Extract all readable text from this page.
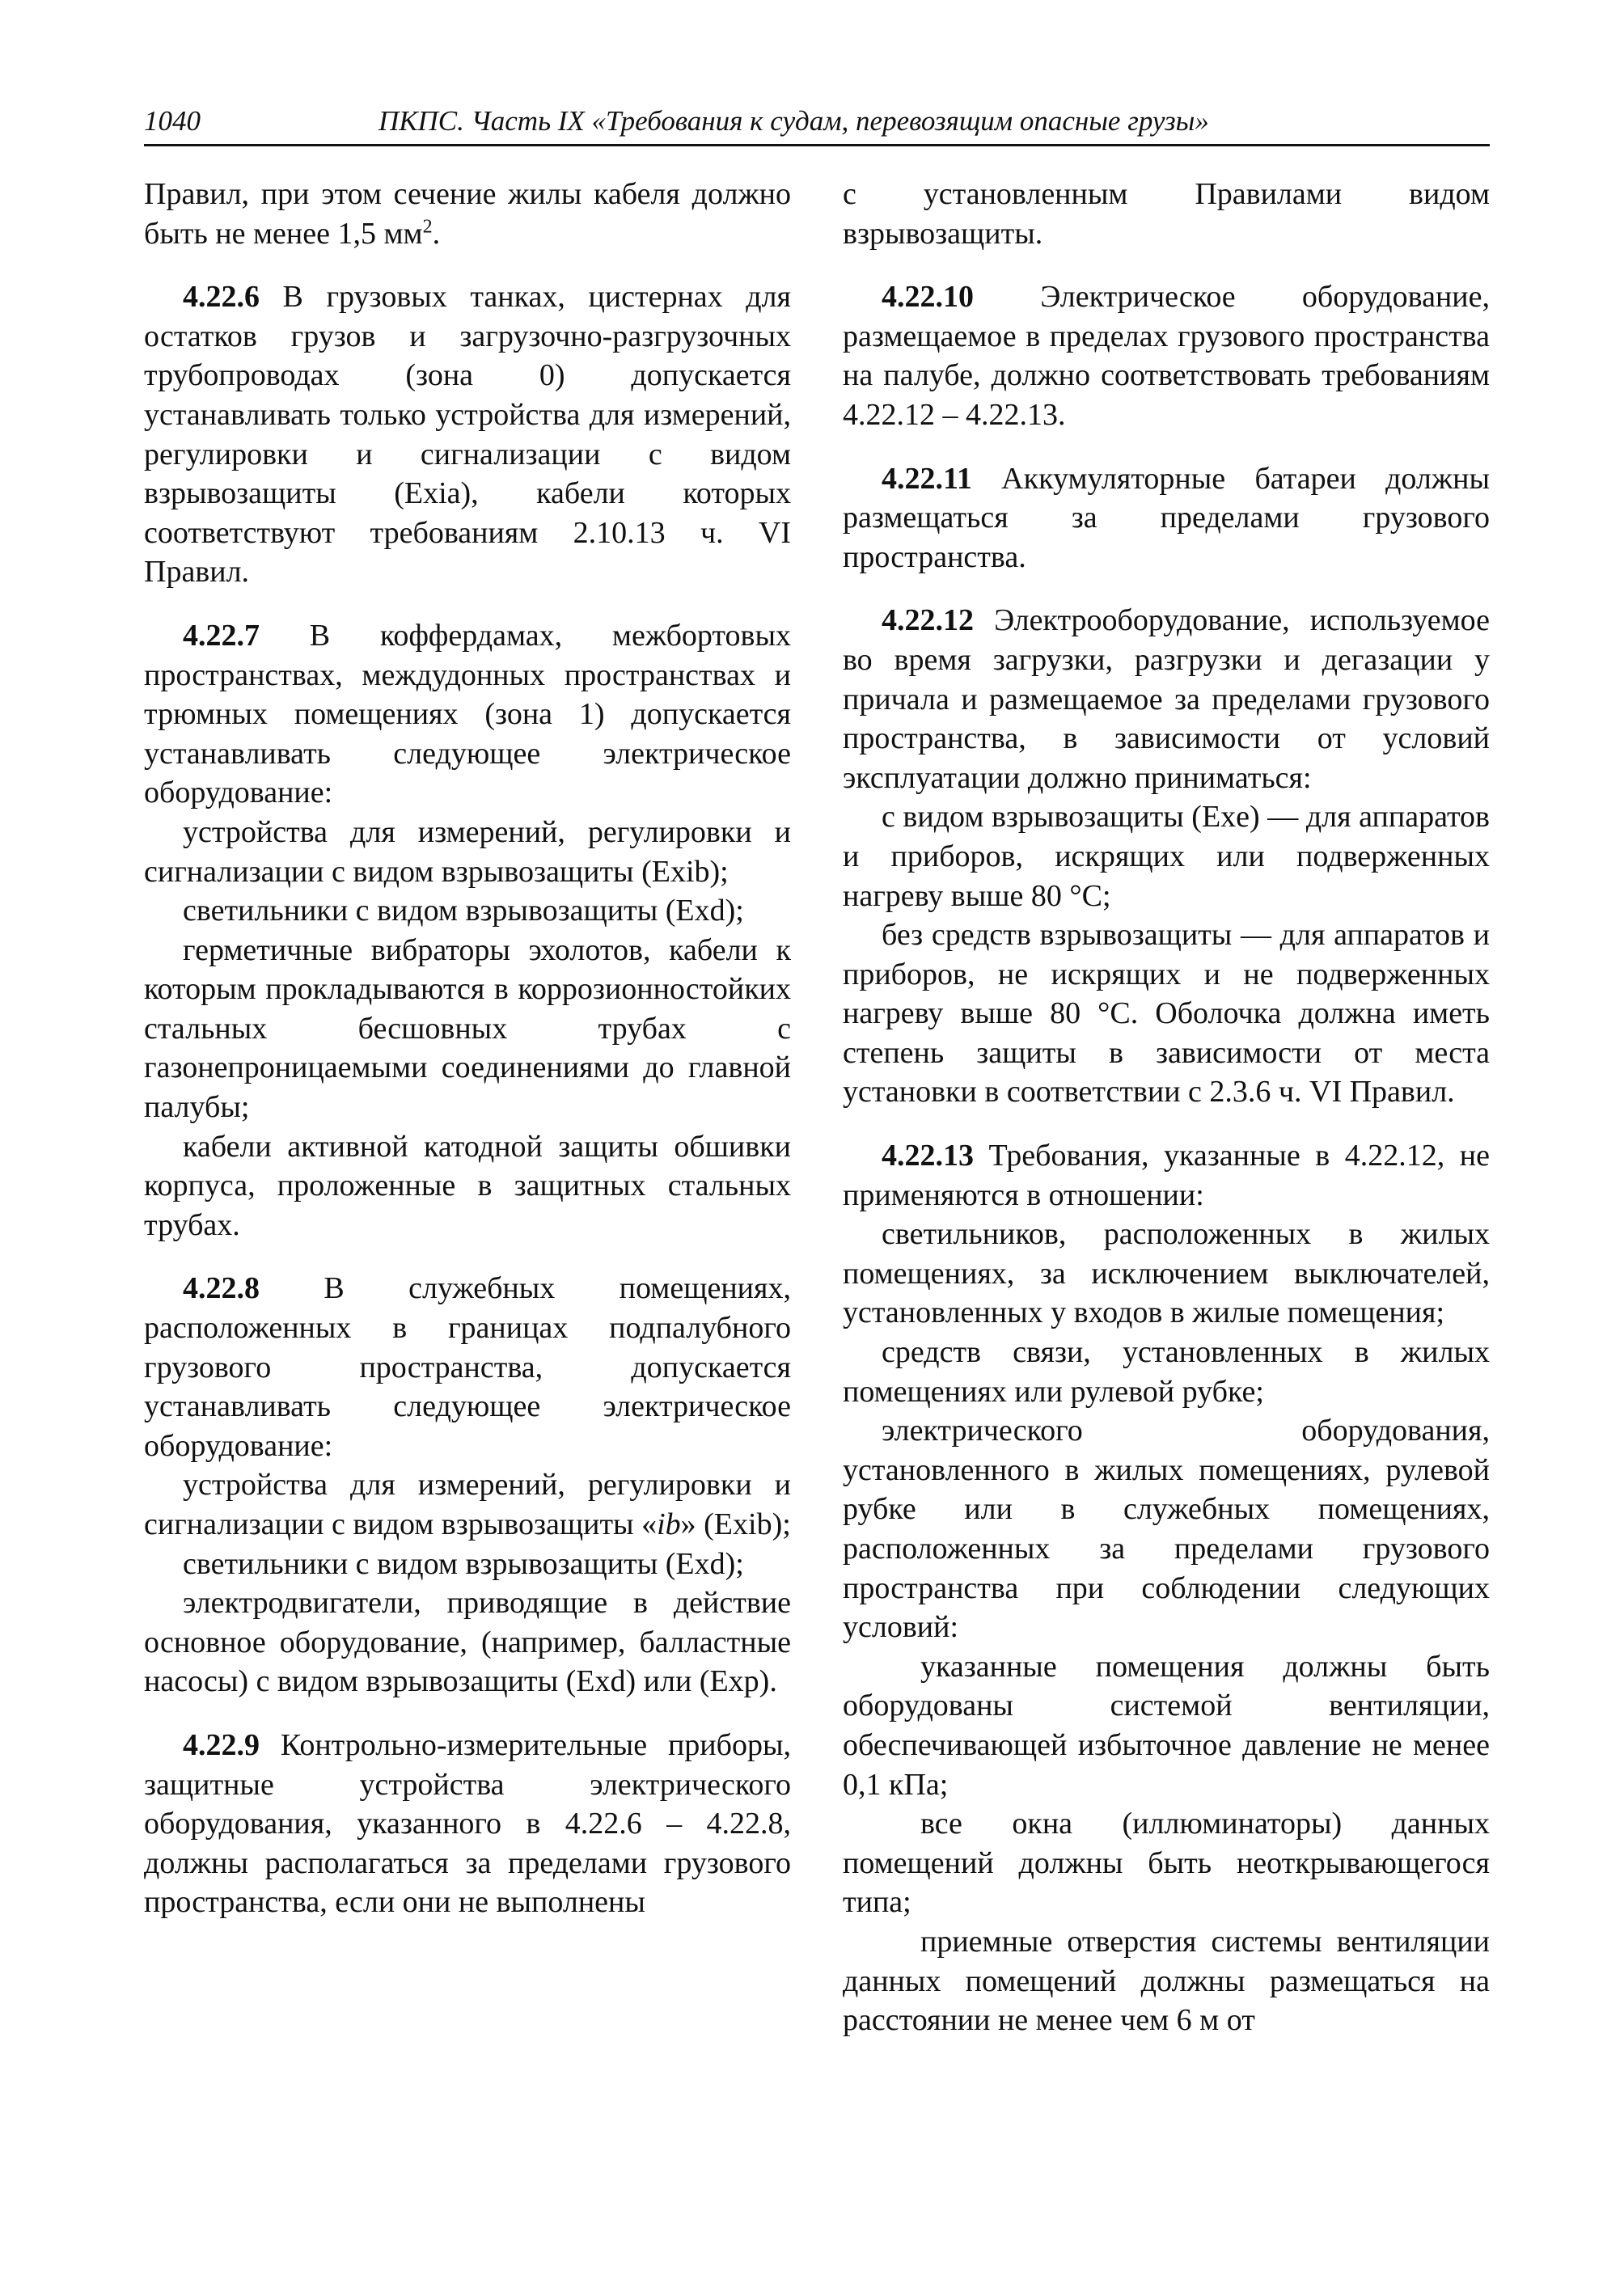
1040	ПКПС. Часть IX «Требования к судам, перевозящим опасные грузы»

Правил, при этом сечение жилы кабеля должно быть не менее 1,5 $мм^2$.

4.22.6 В грузовых танках, цистернах для остатков грузов и загрузочно-разгрузочных трубопроводах (зона 0) допускается устанавливать только устройства для измерений, регулировки и сигнализации с видом взрывозащиты (Exia), кабели которых соответствуют требованиям 2.10.13 ч. VI Правил.

4.22.7 В коффердамах, межбортовых пространствах, междудонных пространствах и трюмных помещениях (зона 1) допускается устанавливать следующее электрическое оборудование:

устройства для измерений, регулировки и сигнализации с видом взрывозащиты (Exib);

светильники с видом взрывозащиты (Exd);

герметичные вибраторы эхолотов, кабели к которым прокладываются в коррозионностойких стальных бесшовных трубах с газонепроницаемыми соединениями до главной палубы;

кабели активной катодной защиты обшивки корпуса, проложенные в защитных стальных трубах.

4.22.8 В служебных помещениях, расположенных в границах подпалубного грузового пространства, допускается устанавливать следующее электрическое оборудование:

устройства для измерений, регулировки и сигнализации с видом взрывозащиты «ib» (Exib);

светильники с видом взрывозащиты (Exd);

электродвигатели, приводящие в действие основное оборудование, (например, балластные насосы) с видом взрывозащиты (Exd) или (Exp).

4.22.9 Контрольно-измерительные приборы, защитные устройства электрического оборудования, указанного в 4.22.6 – 4.22.8, должны располагаться за пределами грузового пространства, если они не выполнены

с установленным Правилами видом взрывозащиты.

4.22.10 Электрическое оборудование, размещаемое в пределах грузового пространства на палубе, должно соответствовать требованиям 4.22.12 – 4.22.13.

4.22.11 Аккумуляторные батареи должны размещаться за пределами грузового пространства.

4.22.12 Электрооборудование, используемое во время загрузки, разгрузки и дегазации у причала и размещаемое за пределами грузового пространства, в зависимости от условий эксплуатации должно приниматься:

с видом взрывозащиты (Exe) — для аппаратов и приборов, искрящих или подверженных нагреву выше 80 °C;

без средств взрывозащиты — для аппаратов и приборов, не искрящих и не подверженных нагреву выше 80 °C. Оболочка должна иметь степень защиты в зависимости от места установки в соответствии с 2.3.6 ч. VI Правил.

4.22.13 Требования, указанные в 4.22.12, не применяются в отношении:

светильников, расположенных в жилых помещениях, за исключением выключателей, установленных у входов в жилые помещения;

средств связи, установленных в жилых помещениях или рулевой рубке;

электрического оборудования, установленного в жилых помещениях, рулевой рубке или в служебных помещениях, расположенных за пределами грузового пространства при соблюдении следующих условий:

указанные помещения должны быть оборудованы системой вентиляции, обеспечивающей избыточное давление не менее 0,1 кПа;

все окна (иллюминаторы) данных помещений должны быть неоткрывающегося типа;

приемные отверстия системы вентиляции данных помещений должны размещаться на расстоянии не менее чем 6 м от
